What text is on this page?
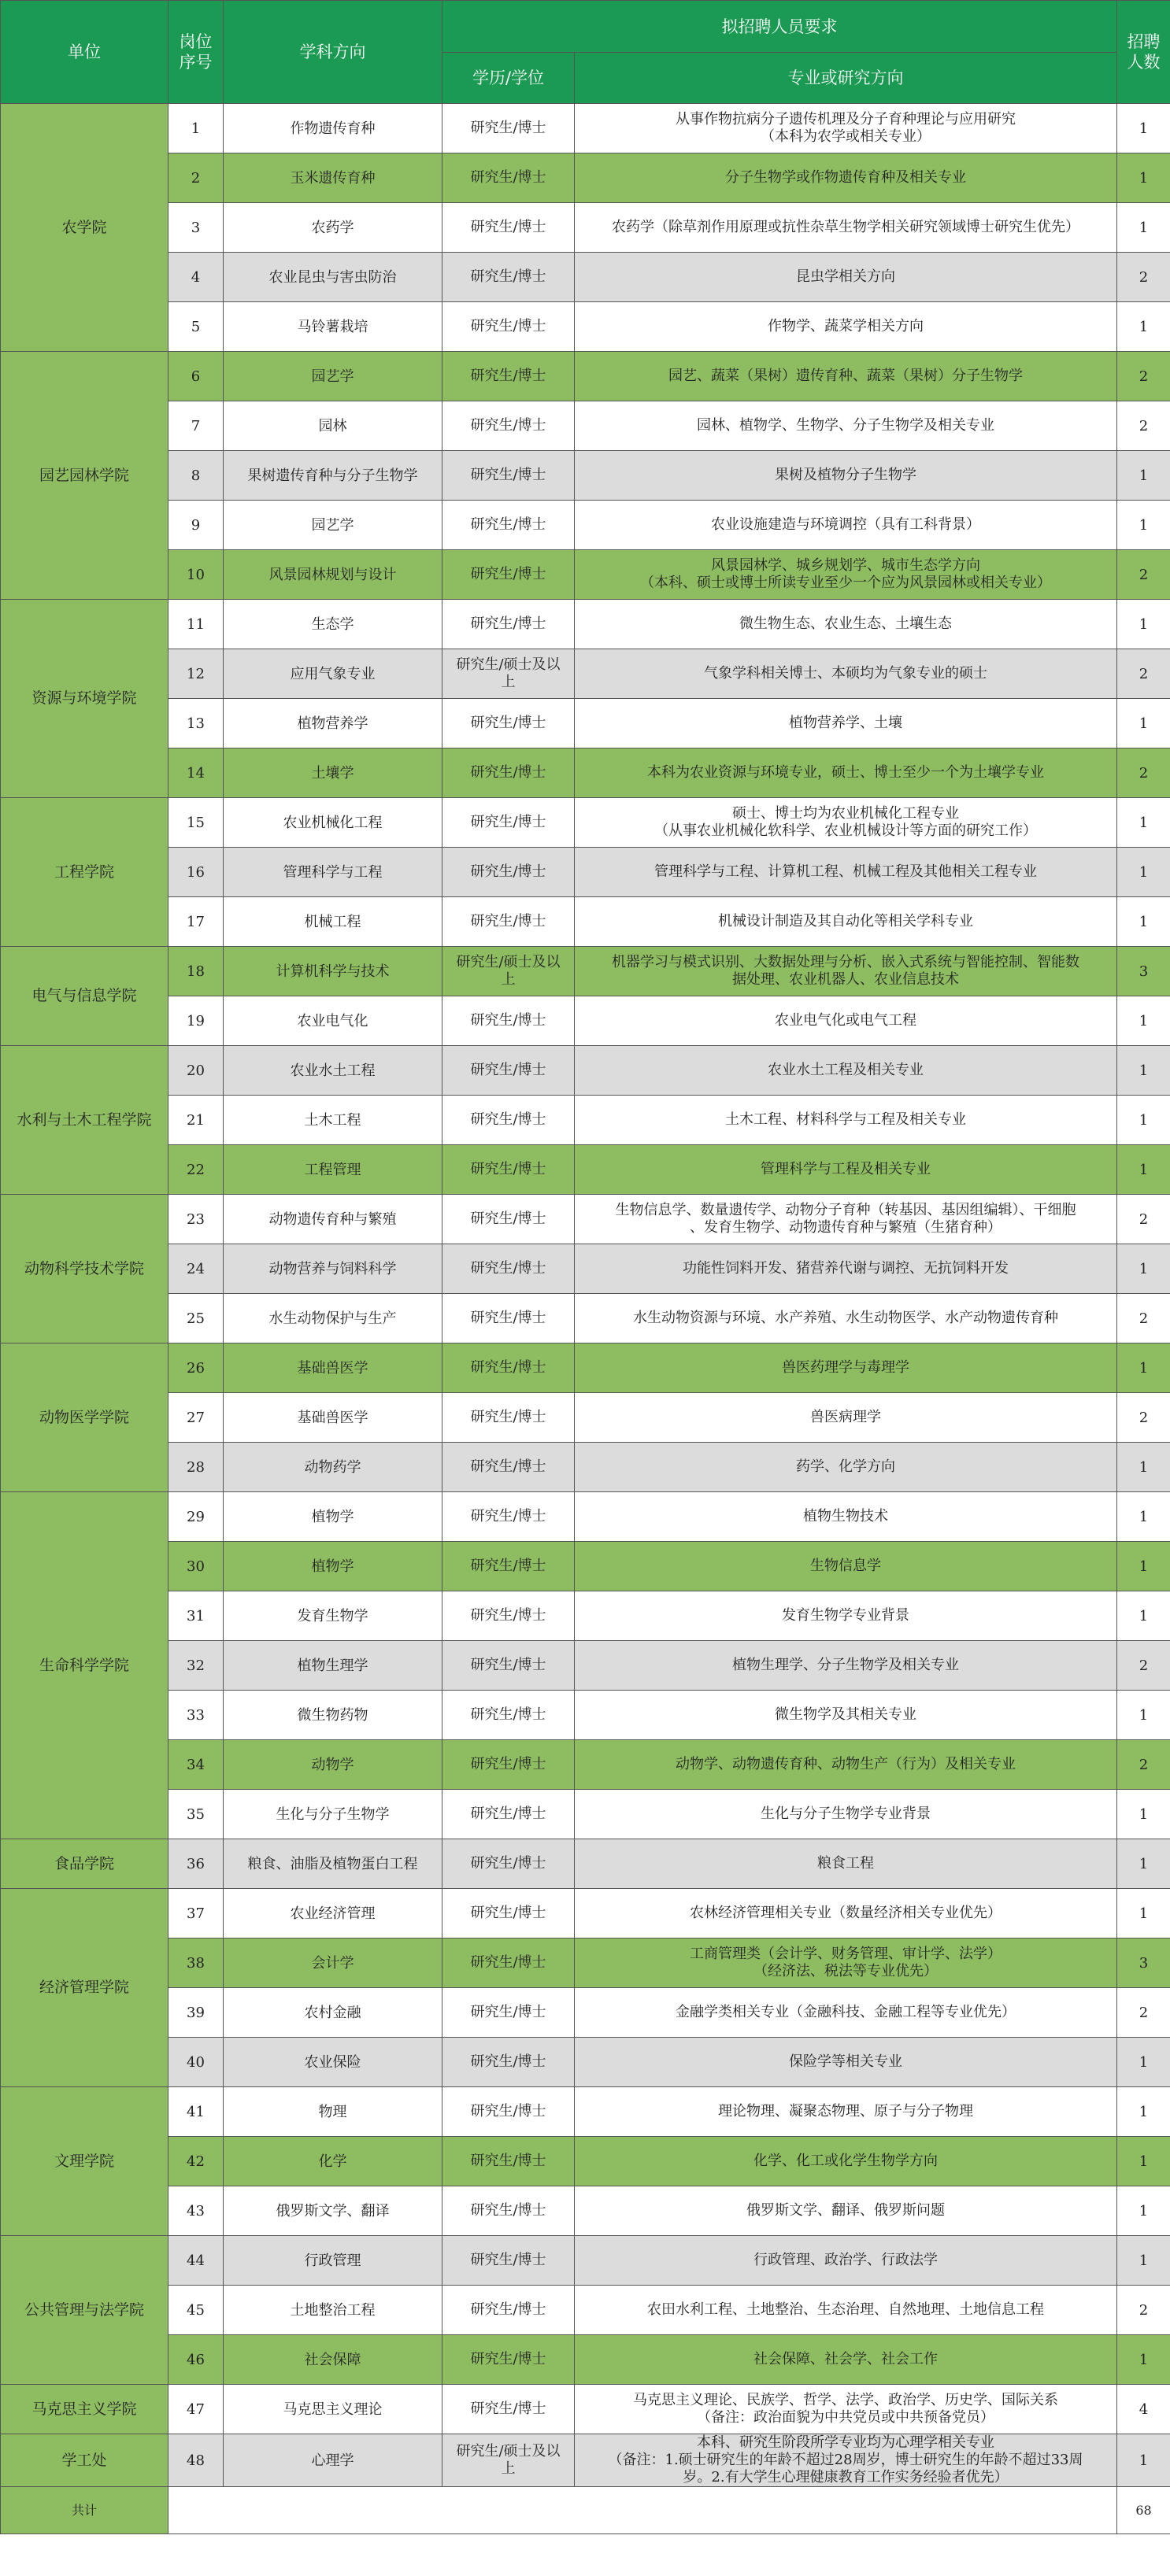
单位	岗位
序号	学科方向	拟招聘人员要求		招聘
人数
			学历/学位	专业或研究方向	
农学院	1	作物遗传育种	研究生/博士	从事作物抗病分子遗传机理及分子育种理论与应用研究
（本科为农学或相关专业）	1
	2	玉米遗传育种	研究生/博士	分子生物学或作物遗传育种及相关专业	1
	3	农药学	研究生/博士	农药学（除草剂作用原理或抗性杂草生物学相关研究领域博士研究生优先）	1
	4	农业昆虫与害虫防治	研究生/博士	昆虫学相关方向	2
	5	马铃薯栽培	研究生/博士	作物学、蔬菜学相关方向	1
园艺园林学院	6	园艺学	研究生/博士	园艺、蔬菜（果树）遗传育种、蔬菜（果树）分子生物学	2
	7	园林	研究生/博士	园林、植物学、生物学、分子生物学及相关专业	2
	8	果树遗传育种与分子生物学	研究生/博士	果树及植物分子生物学	1
	9	园艺学	研究生/博士	农业设施建造与环境调控（具有工科背景）	1
	10	风景园林规划与设计	研究生/博士	风景园林学、城乡规划学、城市生态学方向
（本科、硕士或博士所读专业至少一个应为风景园林或相关专业）	2
资源与环境学院	11	生态学	研究生/博士	微生物生态、农业生态、土壤生态	1
	12	应用气象专业	研究生/硕士及以
上	气象学科相关博士、本硕均为气象专业的硕士	2
	13	植物营养学	研究生/博士	植物营养学、土壤	1
	14	土壤学	研究生/博士	本科为农业资源与环境专业，硕士、博士至少一个为土壤学专业	2
工程学院	15	农业机械化工程	研究生/博士	硕士、博士均为农业机械化工程专业
（从事农业机械化软科学、农业机械设计等方面的研究工作）	1
	16	管理科学与工程	研究生/博士	管理科学与工程、计算机工程、机械工程及其他相关工程专业	1
	17	机械工程	研究生/博士	机械设计制造及其自动化等相关学科专业	1
电气与信息学院	18	计算机科学与技术	研究生/硕士及以
上	机器学习与模式识别、大数据处理与分析、嵌入式系统与智能控制、智能数
据处理、农业机器人、农业信息技术	3
	19	农业电气化	研究生/博士	农业电气化或电气工程	1
水利与土木工程学院	20	农业水土工程	研究生/博士	农业水土工程及相关专业	1
	21	土木工程	研究生/博士	土木工程、材料科学与工程及相关专业	1
	22	工程管理	研究生/博士	管理科学与工程及相关专业	1
动物科学技术学院	23	动物遗传育种与繁殖	研究生/博士	生物信息学、数量遗传学、动物分子育种（转基因、基因组编辑）、干细胞
、发育生物学、动物遗传育种与繁殖（生猪育种）	2
	24	动物营养与饲料科学	研究生/博士	功能性饲料开发、猪营养代谢与调控、无抗饲料开发	1
	25	水生动物保护与生产	研究生/博士	水生动物资源与环境、水产养殖、水生动物医学、水产动物遗传育种	2
动物医学学院	26	基础兽医学	研究生/博士	兽医药理学与毒理学	1
	27	基础兽医学	研究生/博士	兽医病理学	2
	28	动物药学	研究生/博士	药学、化学方向	1
生命科学学院	29	植物学	研究生/博士	植物生物技术	1
	30	植物学	研究生/博士	生物信息学	1
	31	发育生物学	研究生/博士	发育生物学专业背景	1
	32	植物生理学	研究生/博士	植物生理学、分子生物学及相关专业	2
	33	微生物药物	研究生/博士	微生物学及其相关专业	1
	34	动物学	研究生/博士	动物学、动物遗传育种、动物生产（行为）及相关专业	2
	35	生化与分子生物学	研究生/博士	生化与分子生物学专业背景	1
食品学院	36	粮食、油脂及植物蛋白工程	研究生/博士	粮食工程	1
经济管理学院	37	农业经济管理	研究生/博士	农林经济管理相关专业（数量经济相关专业优先）	1
	38	会计学	研究生/博士	工商管理类（会计学、财务管理、审计学、法学）
（经济法、税法等专业优先）	3
	39	农村金融	研究生/博士	金融学类相关专业（金融科技、金融工程等专业优先）	2
	40	农业保险	研究生/博士	保险学等相关专业	1
文理学院	41	物理	研究生/博士	理论物理、凝聚态物理、原子与分子物理	1
	42	化学	研究生/博士	化学、化工或化学生物学方向	1
	43	俄罗斯文学、翻译	研究生/博士	俄罗斯文学、翻译、俄罗斯问题	1
公共管理与法学院	44	行政管理	研究生/博士	行政管理、政治学、行政法学	1
	45	土地整治工程	研究生/博士	农田水利工程、土地整治、生态治理、自然地理、土地信息工程	2
	46	社会保障	研究生/博士	社会保障、社会学、社会工作	1
马克思主义学院	47	马克思主义理论	研究生/博士	马克思主义理论、民族学、哲学、法学、政治学、历史学、国际关系
（备注：政治面貌为中共党员或中共预备党员）	4
学工处	48	心理学	研究生/硕士及以
上	本科、研究生阶段所学专业均为心理学相关专业
（备注：1.硕士研究生的年龄不超过28周岁，博士研究生的年龄不超过33周
岁。2.有大学生心理健康教育工作实务经验者优先）	1
共计					68
